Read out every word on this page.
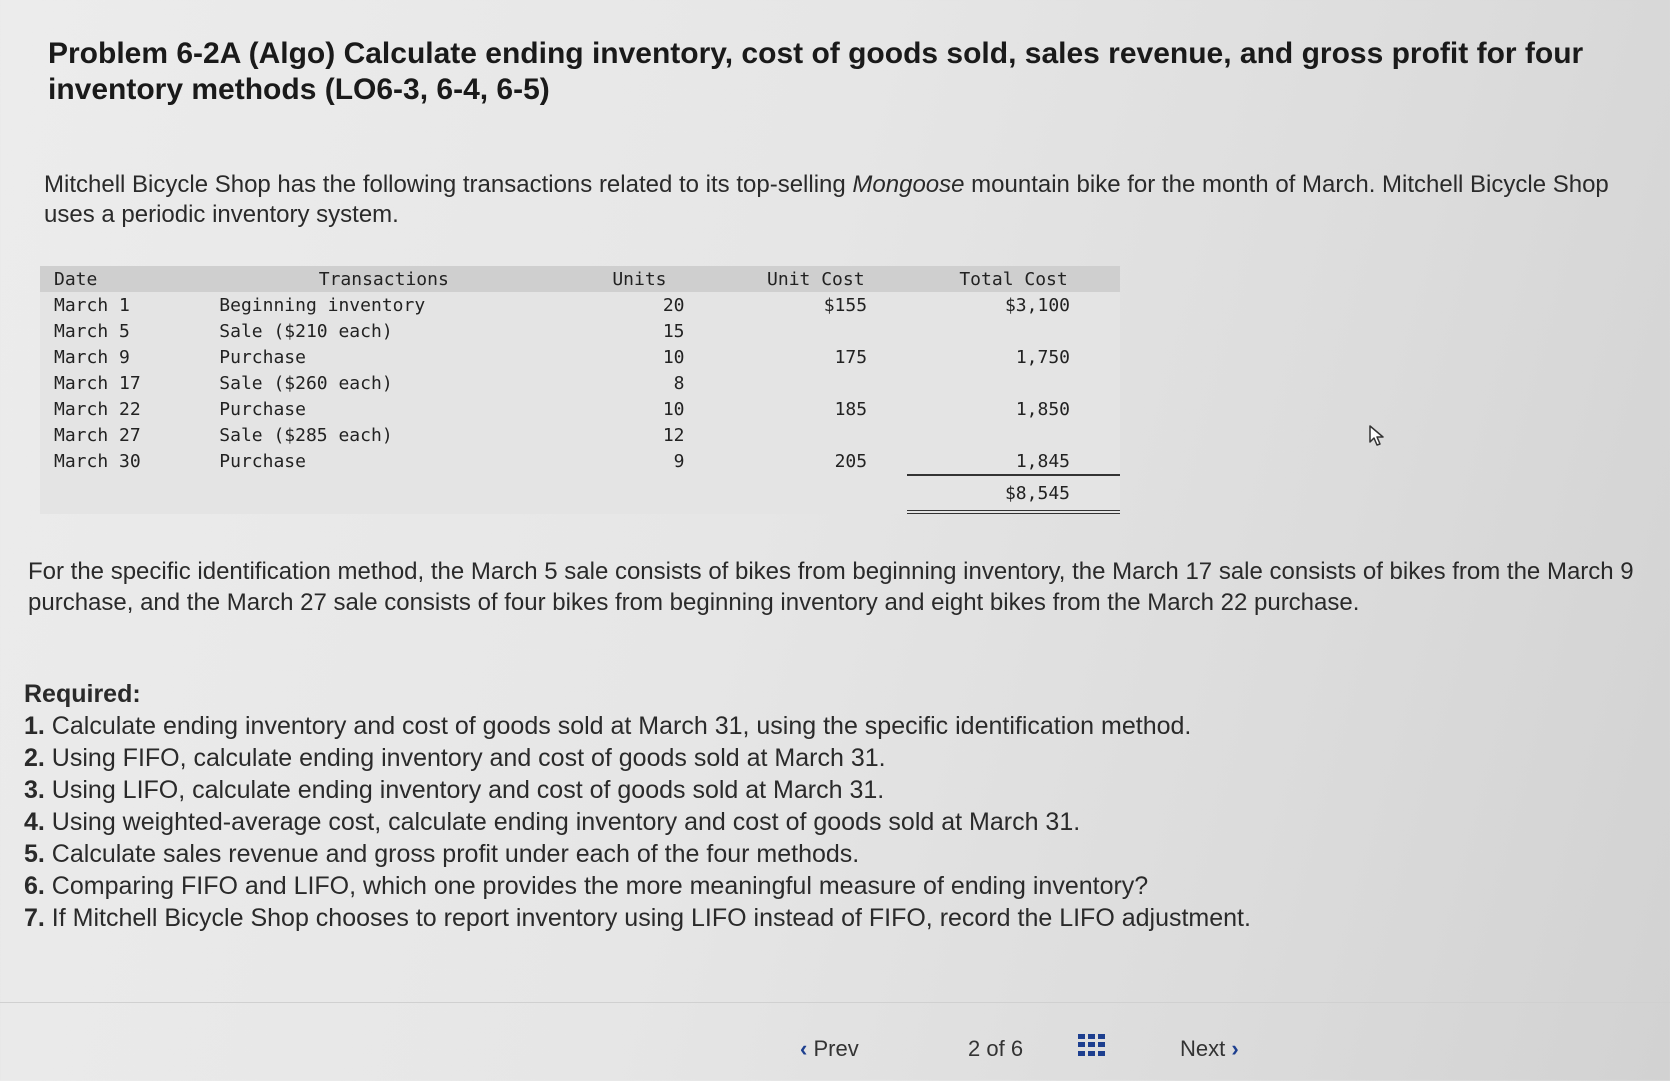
Problem 6-2A (Algo) Calculate ending inventory, cost of goods sold, sales revenue, and gross profit for four inventory methods (LO6-3, 6-4, 6-5)

Mitchell Bicycle Shop has the following transactions related to its top-selling Mongoose mountain bike for the month of March. Mitchell Bicycle Shop uses a periodic inventory system.

Date	Transactions	Units	Unit Cost	Total Cost
March 1	Beginning inventory	20	$155	$3,100
March 5	Sale ($210 each)	15		
March 9	Purchase	10	175	1,750
March 17	Sale ($260 each)	8		
March 22	Purchase	10	185	1,850
March 27	Sale ($285 each)	12		
March 30	Purchase	9	205	1,845
				$8,545

For the specific identification method, the March 5 sale consists of bikes from beginning inventory, the March 17 sale consists of bikes from the March 9 purchase, and the March 27 sale consists of four bikes from beginning inventory and eight bikes from the March 22 purchase.

Required:

1. Calculate ending inventory and cost of goods sold at March 31, using the specific identification method.
2. Using FIFO, calculate ending inventory and cost of goods sold at March 31.
3. Using LIFO, calculate ending inventory and cost of goods sold at March 31.
4. Using weighted-average cost, calculate ending inventory and cost of goods sold at March 31.
5. Calculate sales revenue and gross profit under each of the four methods.
6. Comparing FIFO and LIFO, which one provides the more meaningful measure of ending inventory?
7. If Mitchell Bicycle Shop chooses to report inventory using LIFO instead of FIFO, record the LIFO adjustment.
‹ Prev	2 of 6	Next ›
